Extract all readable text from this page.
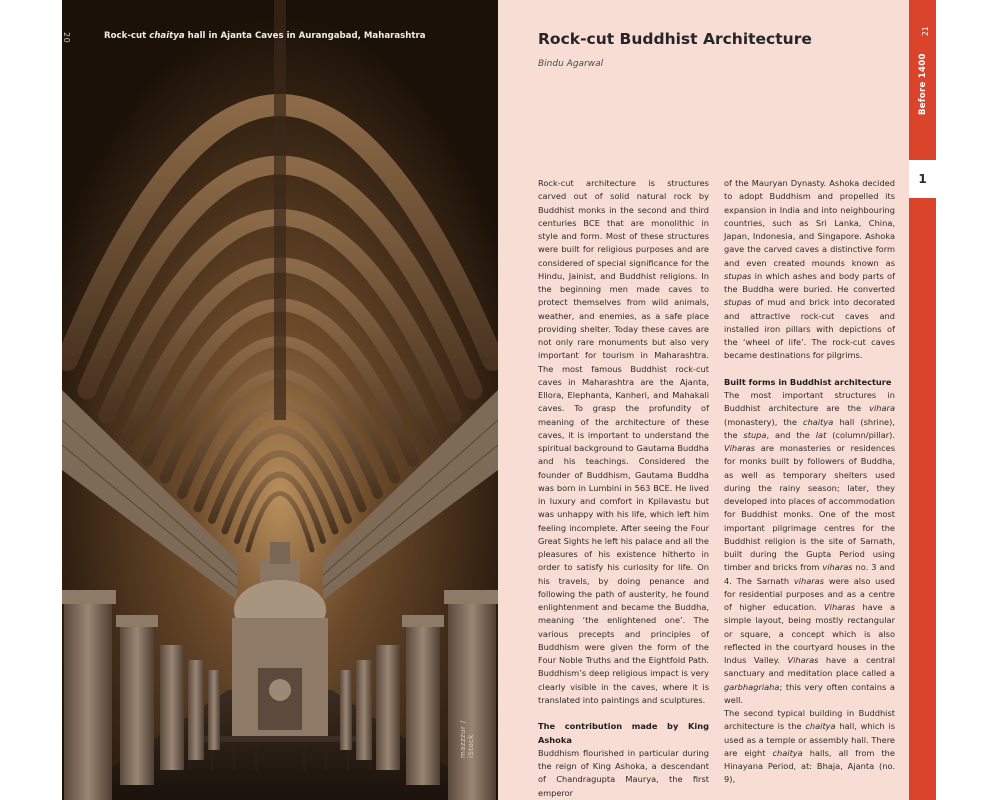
20	Rock-cut chaitya hall in Ajanta Caves in Aurangabad, Maharashtra
mazzzur / iStock
Rock-cut Buddhist Architecture
Bindu Agarwal

Rock-cut architecture is structures carved out of solid natural rock by Buddhist monks in the second and third centuries BCE that are monolithic in style and form. Most of these structures were built for religious purposes and are considered of special significance for the Hindu, Jainist, and Buddhist religions. In the beginning men made caves to protect themselves from wild animals, weather, and enemies, as a safe place providing shelter. Today these caves are not only rare monuments but also very important for tourism in Maharashtra. The most famous Buddhist rock-cut caves in Maharashtra are the Ajanta, Ellora, Elephanta, Kanheri, and Mahakali caves. To grasp the profundity of meaning of the architecture of these caves, it is important to understand the spiritual background to Gautama Buddha and his teachings. Considered the founder of Buddhism, Gautama Buddha was born in Lumbini in 563 BCE. He lived in luxury and comfort in Kpilavastu but was unhappy with his life, which left him feeling incomplete. After seeing the Four Great Sights he left his palace and all the pleasures of his existence hitherto in order to satisfy his curiosity for life. On his travels, by doing penance and following the path of austerity, he found enlightenment and became the Buddha, meaning ‘the enlightened one’. The various precepts and principles of Buddhism were given the form of the Four Noble Truths and the Eightfold Path. Buddhism’s deep religious impact is very clearly visible in the caves, where it is translated into paintings and sculptures.

The contribution made by King Ashoka

Buddhism flourished in particular during the reign of King Ashoka, a descendant of Chandragupta Maurya, the first emperor

of the Mauryan Dynasty. Ashoka decided to adopt Buddhism and propelled its expansion in India and into neighbouring countries, such as Sri Lanka, China, Japan, Indonesia, and Singapore. Ashoka gave the carved caves a distinctive form and even created mounds known as stupas in which ashes and body parts of the Buddha were buried. He converted stupas of mud and brick into decorated and attractive rock-cut caves and installed iron pillars with depictions of the ‘wheel of life’. The rock-cut caves became destinations for pilgrims.

Built forms in Buddhist architecture

The most important structures in Buddhist architecture are the vihara (monastery), the chaitya hall (shrine), the stupa, and the lat (column/pillar). Viharas are monasteries or residences for monks built by followers of Buddha, as well as temporary shelters used during the rainy season; later, they developed into places of accommodation for Buddhist monks. One of the most important pilgrimage centres for the Buddhist religion is the site of Sarnath, built during the Gupta Period using timber and bricks from viharas no. 3 and 4. The Sarnath viharas were also used for residential purposes and as a centre of higher education. Viharas have a simple layout, being mostly rectangular or square, a concept which is also reflected in the courtyard houses in the Indus Valley. Viharas have a central sanctuary and meditation place called a garbhagriaha; this very often contains a well.

The second typical building in Buddhist architecture is the chaitya hall, which is used as a temple or assembly hall. There are eight chaitya halls, all from the Hinayana Period, at: Bhaja, Ajanta (no. 9),

21
Before 1400
1
